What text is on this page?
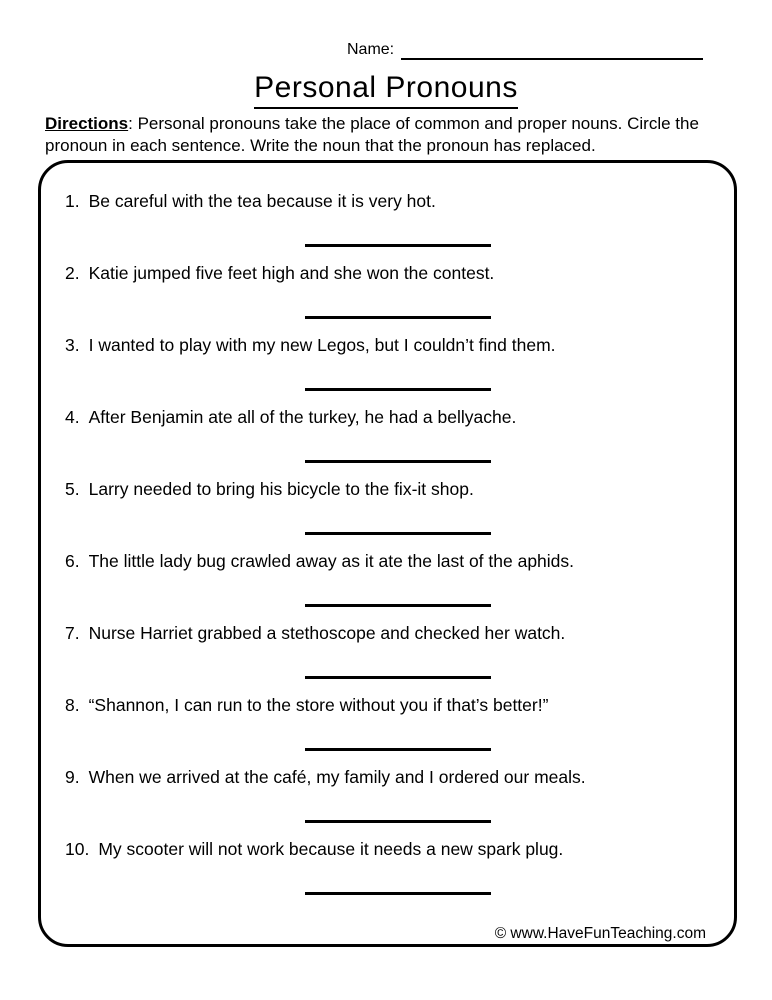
Name:
Personal Pronouns
Directions: Personal pronouns take the place of common and proper nouns. Circle the pronoun in each sentence. Write the noun that the pronoun has replaced.
1. Be careful with the tea because it is very hot.
2. Katie jumped five feet high and she won the contest.
3. I wanted to play with my new Legos, but I couldn’t find them.
4. After Benjamin ate all of the turkey, he had a bellyache.
5. Larry needed to bring his bicycle to the fix-it shop.
6. The little lady bug crawled away as it ate the last of the aphids.
7. Nurse Harriet grabbed a stethoscope and checked her watch.
8. “Shannon, I can run to the store without you if that’s better!”
9. When we arrived at the café, my family and I ordered our meals.
10. My scooter will not work because it needs a new spark plug.
© www.HaveFunTeaching.com
